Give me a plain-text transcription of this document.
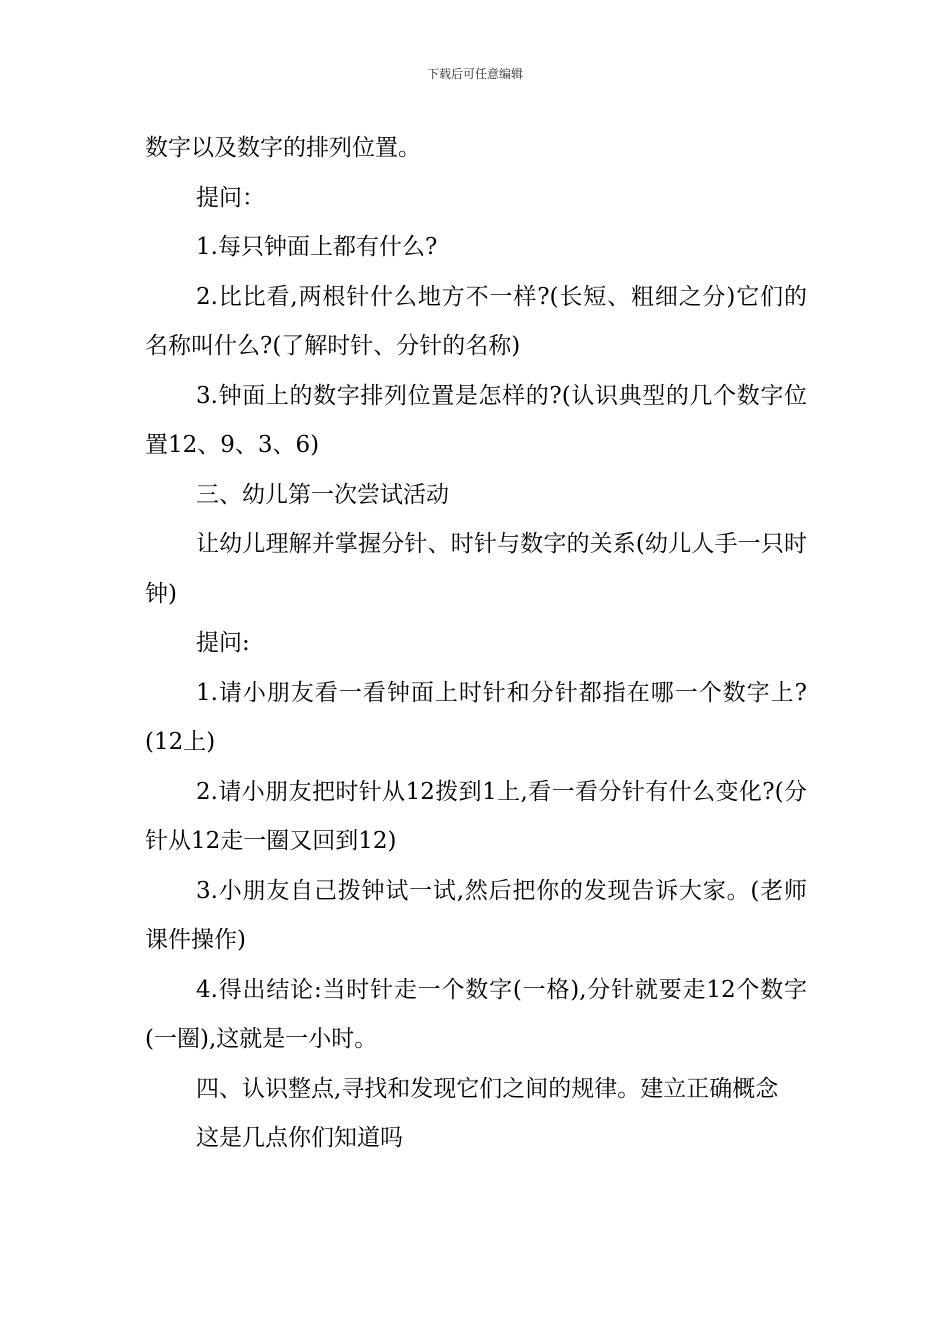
下载后可任意编辑

数字以及数字的排列位置。

提问：

1.每只钟面上都有什么?

2.比比看,两根针什么地方不一样?(长短、粗细之分)它们的名称叫什么?(了解时针、分针的名称)

3.钟面上的数字排列位置是怎样的?(认识典型的几个数字位置12、9、3、6)

三、幼儿第一次尝试活动

让幼儿理解并掌握分针、时针与数字的关系(幼儿人手一只时钟)

提问:

1.请小朋友看一看钟面上时针和分针都指在哪一个数字上?(12上)

2.请小朋友把时针从12拨到1上,看一看分针有什么变化?(分针从12走一圈又回到12)

3.小朋友自己拨钟试一试,然后把你的发现告诉大家。(老师课件操作)

4.得出结论:当时针走一个数字(一格),分针就要走12个数字(一圈),这就是一小时。

四、认识整点,寻找和发现它们之间的规律。建立正确概念

这是几点你们知道吗
